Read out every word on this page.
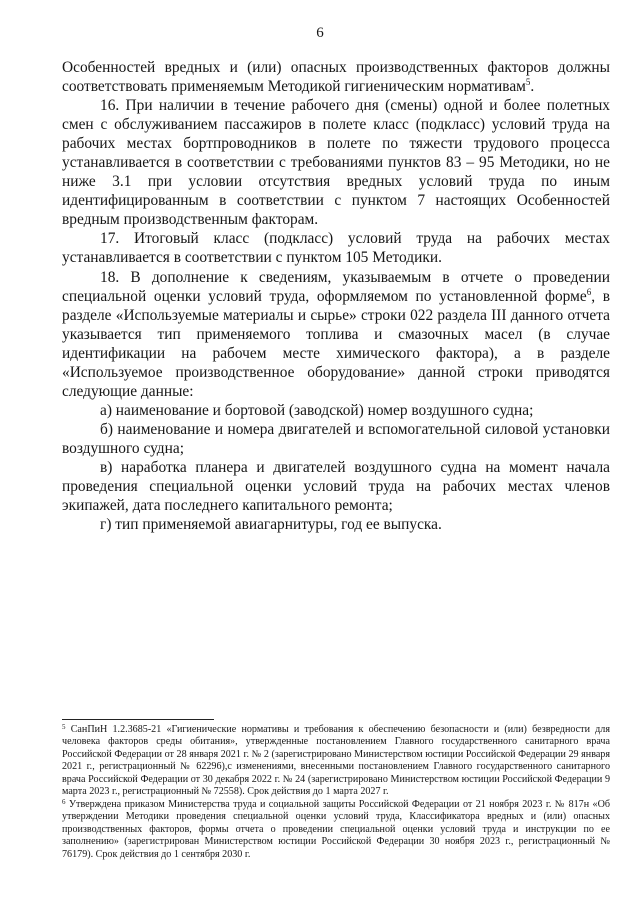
6

Особенностей вредных и (или) опасных производственных факторов должны соответствовать применяемым Методикой гигиеническим нормативам$^5$.

16. При наличии в течение рабочего дня (смены) одной и более полетных смен с обслуживанием пассажиров в полете класс (подкласс) условий труда на рабочих местах бортпроводников в полете по тяжести трудового процесса устанавливается в соответствии с требованиями пунктов 83 – 95 Методики, но не ниже 3.1 при условии отсутствия вредных условий труда по иным идентифицированным в соответствии с пунктом 7 настоящих Особенностей вредным производственным факторам.

17. Итоговый класс (подкласс) условий труда на рабочих местах устанавливается в соответствии с пунктом 105 Методики.

18. В дополнение к сведениям, указываемым в отчете о проведении специальной оценки условий труда, оформляемом по установленной форме$^6$, в разделе «Используемые материалы и сырье» строки 022 раздела III данного отчета указывается тип применяемого топлива и смазочных масел (в случае идентификации на рабочем месте химического фактора), а в разделе «Используемое производственное оборудование» данной строки приводятся следующие данные:

а) наименование и бортовой (заводской) номер воздушного судна;

б) наименование и номера двигателей и вспомогательной силовой установки воздушного судна;

в) наработка планера и двигателей воздушного судна на момент начала проведения специальной оценки условий труда на рабочих местах членов экипажей, дата последнего капитального ремонта;

г) тип применяемой авиагарнитуры, год ее выпуска.

$^5$ СанПиН 1.2.3685-21 «Гигиенические нормативы и требования к обеспечению безопасности и (или) безвредности для человека факторов среды обитания», утвержденные постановлением Главного государственного санитарного врача Российской Федерации от 28 января 2021 г. № 2 (зарегистрировано Министерством юстиции Российской Федерации 29 января 2021 г., регистрационный № 62296),с изменениями, внесенными постановлением Главного государственного санитарного врача Российской Федерации от 30 декабря 2022 г. № 24 (зарегистрировано Министерством юстиции Российской Федерации 9 марта 2023 г., регистрационный № 72558). Срок действия до 1 марта 2027 г.

$^6$ Утверждена приказом Министерства труда и социальной защиты Российской Федерации от 21 ноября 2023 г. № 817н «Об утверждении Методики проведения специальной оценки условий труда, Классификатора вредных и (или) опасных производственных факторов, формы отчета о проведении специальной оценки условий труда и инструкции по ее заполнению» (зарегистрирован Министерством юстиции Российской Федерации 30 ноября 2023 г., регистрационный № 76179). Срок действия до 1 сентября 2030 г.
